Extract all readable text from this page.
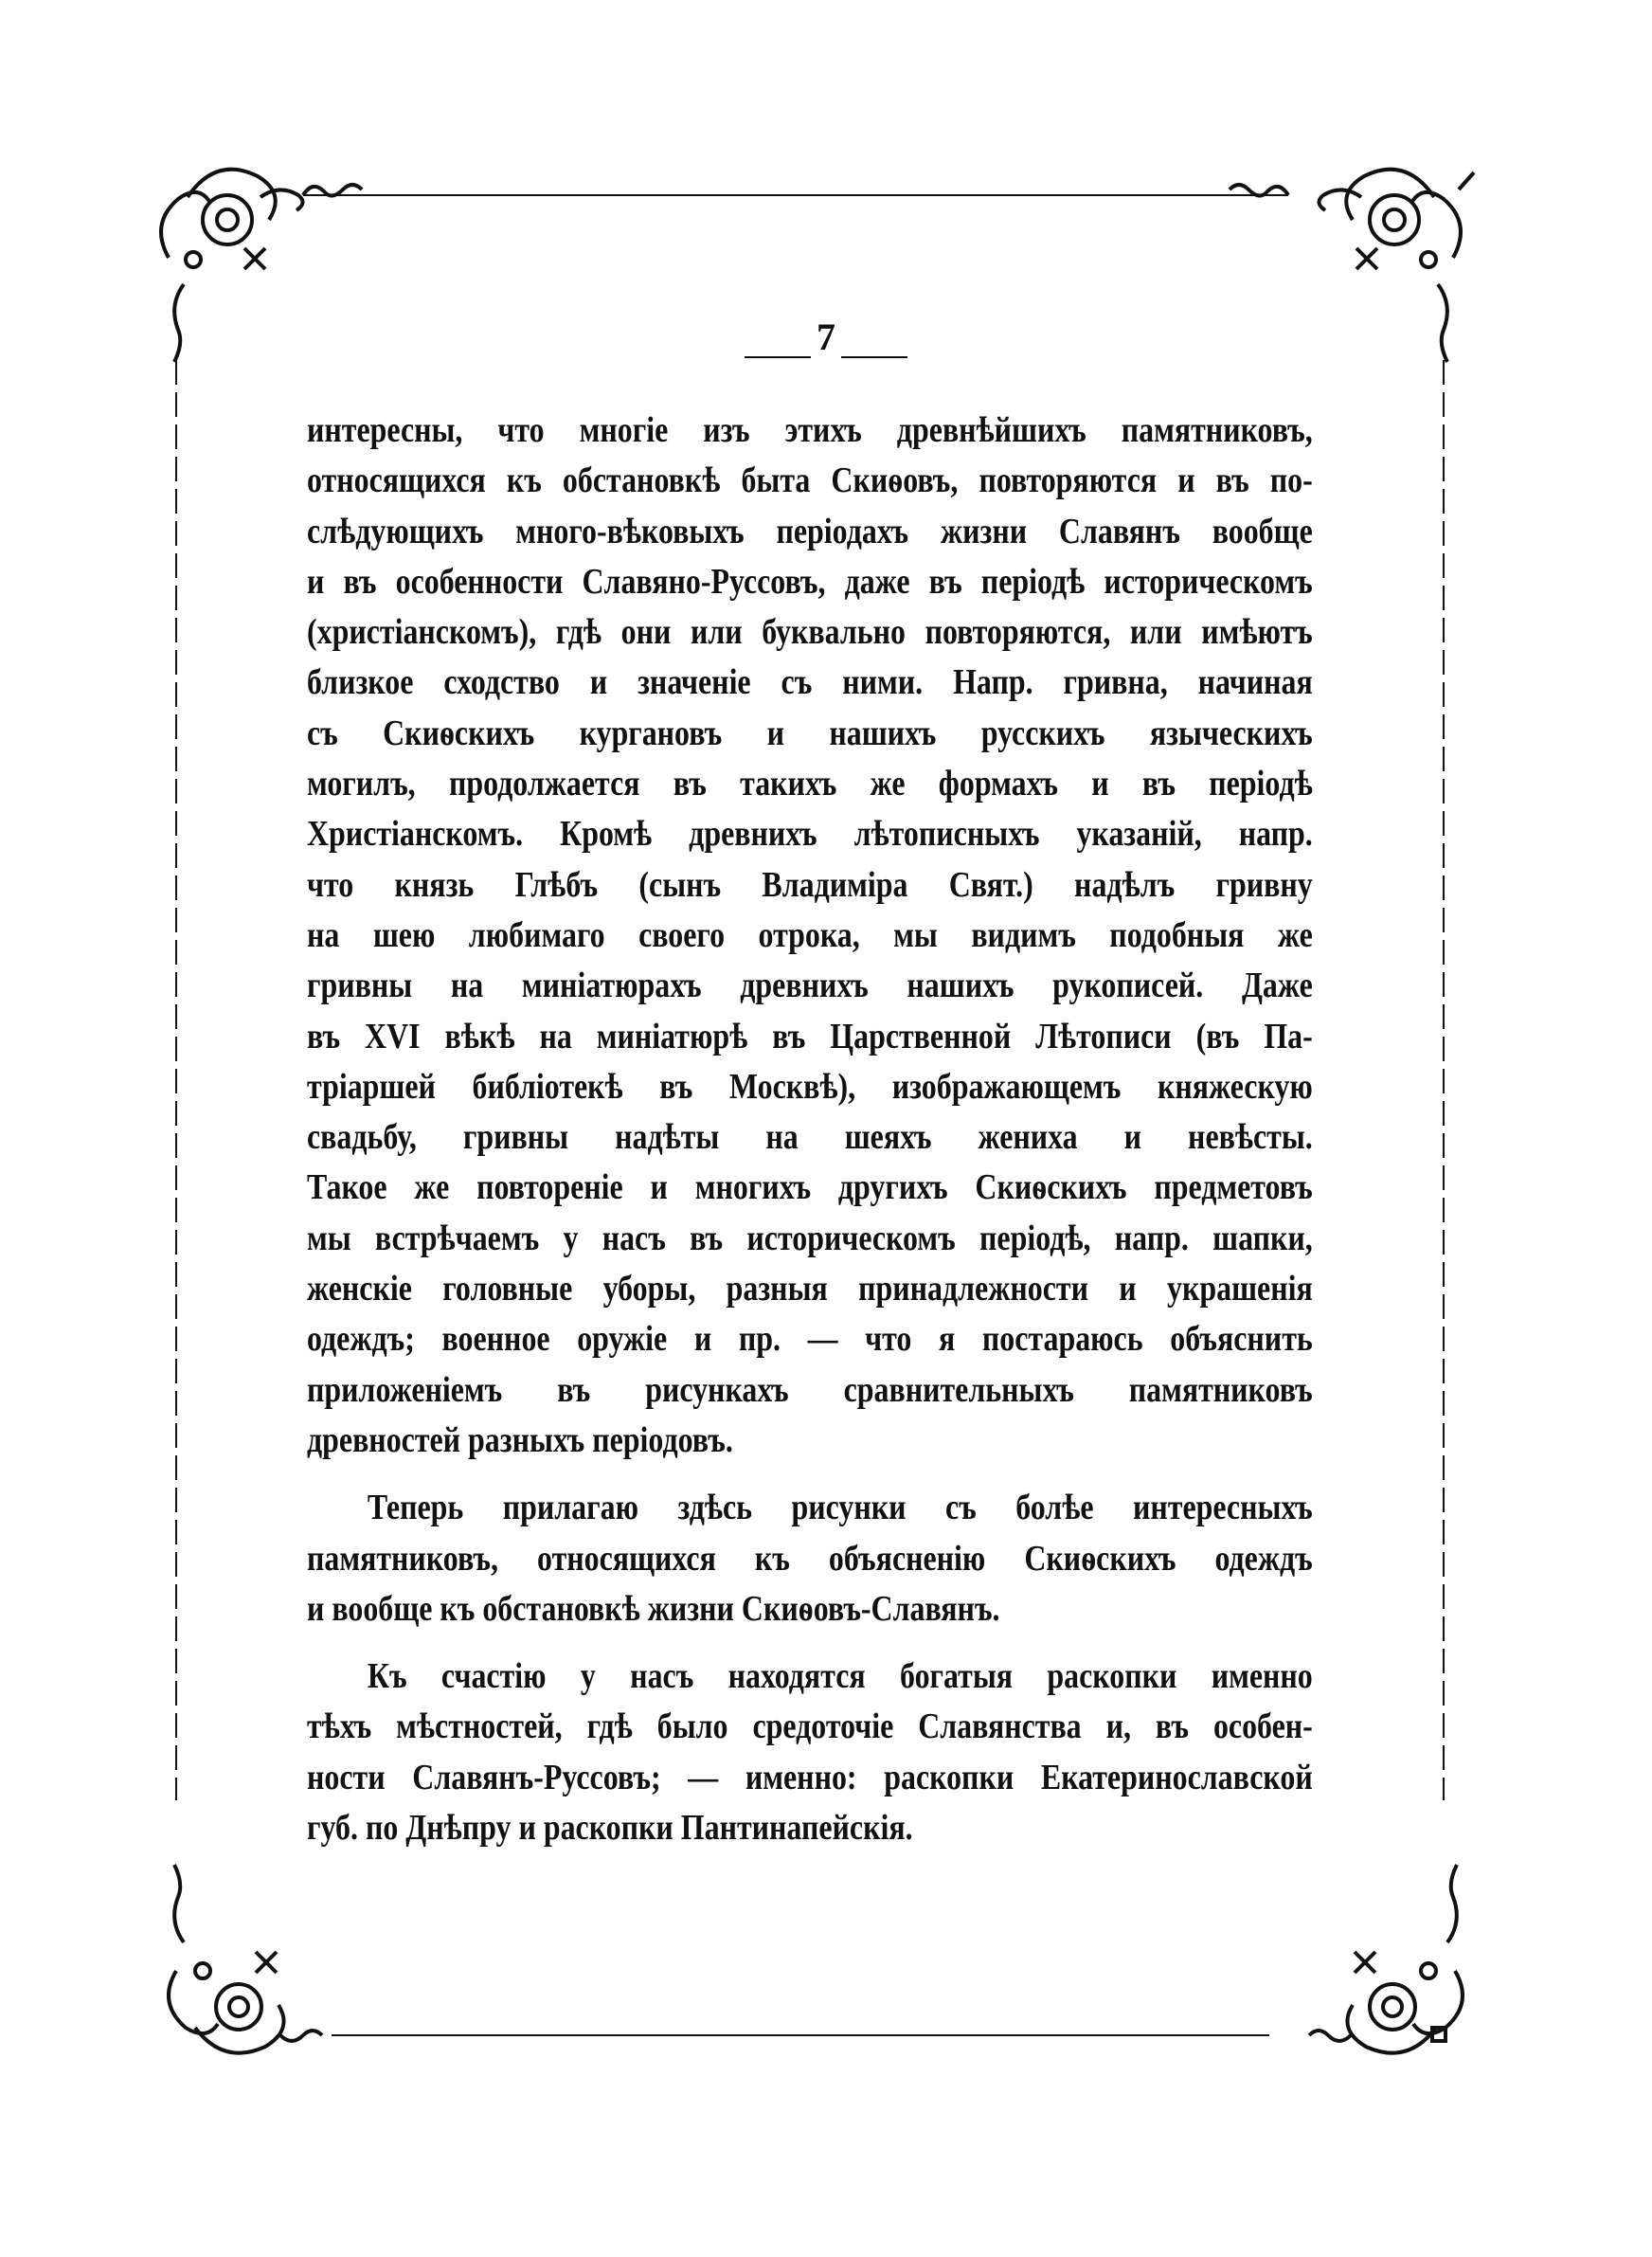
7
интересны, что многіе изъ этихъ древнѣйшихъ памятниковъ,
относящихся къ обстановкѣ быта Скиѳовъ, повторяются и въ по-
слѣдующихъ много-вѣковыхъ періодахъ жизни Славянъ вообще
и въ особенности Славяно-Руссовъ, даже въ періодѣ историческомъ
(христіанскомъ), гдѣ они или буквально повторяются, или имѣютъ
близкое сходство и значеніе съ ними. Напр. гривна, начиная
съ Скиѳскихъ кургановъ и нашихъ русскихъ языческихъ
могилъ, продолжается въ такихъ же формахъ и въ періодѣ
Христіанскомъ. Кромѣ древнихъ лѣтописныхъ указаній, напр.
что князь Глѣбъ (сынъ Владиміра Свят.) надѣлъ гривну
на шею любимаго своего отрока, мы видимъ подобныя же
гривны на миніатюрахъ древнихъ нашихъ рукописей. Даже
въ XVI вѣкѣ на миніатюрѣ въ Царственной Лѣтописи (въ Па-
тріаршей библіотекѣ въ Москвѣ), изображающемъ княжескую
свадьбу, гривны надѣты на шеяхъ жениха и невѣсты.
Такое же повтореніе и многихъ другихъ Скиѳскихъ предметовъ
мы встрѣчаемъ у насъ въ историческомъ періодѣ, напр. шапки,
женскіе головные уборы, разныя принадлежности и украшенія
одеждъ; военное оружіе и пр. — что я постараюсь объяснить
приложеніемъ въ рисункахъ сравнительныхъ памятниковъ
древностей разныхъ періодовъ.
Теперь прилагаю здѣсь рисунки съ болѣе интересныхъ
памятниковъ, относящихся къ объясненію Скиѳскихъ одеждъ
и вообще къ обстановкѣ жизни Скиѳовъ-Славянъ.
Къ счастію у насъ находятся богатыя раскопки именно
тѣхъ мѣстностей, гдѣ было средоточіе Славянства и, въ особен-
ности Славянъ-Руссовъ; — именно: раскопки Екатеринославской
губ. по Днѣпру и раскопки Пантинапейскія.
